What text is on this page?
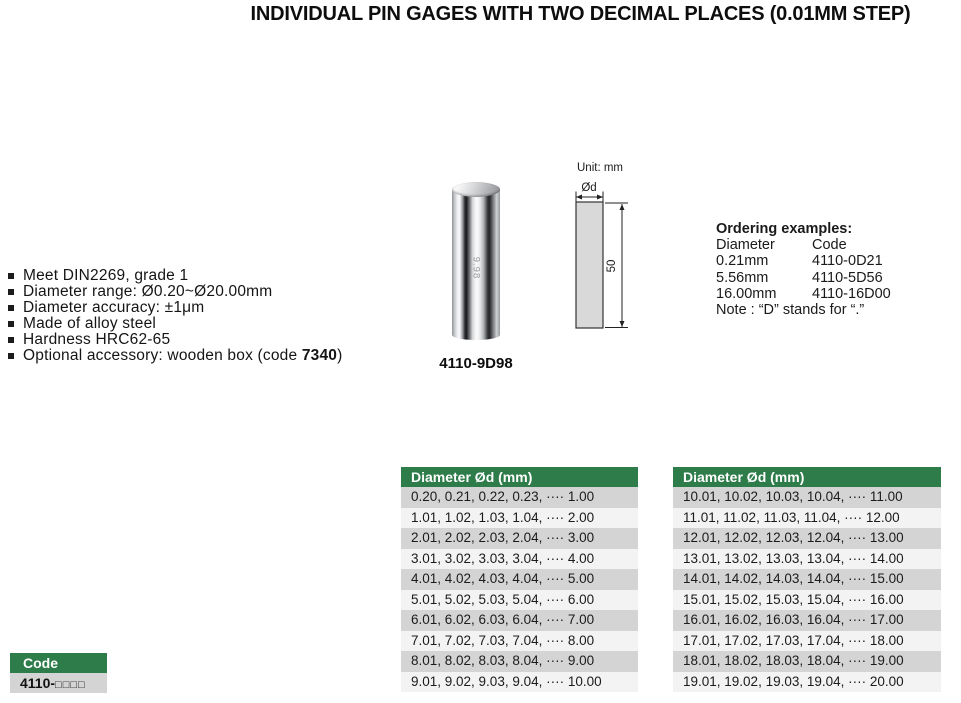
INDIVIDUAL PIN GAGES WITH TWO DECIMAL PLACES (0.01MM STEP)
Meet DIN2269, grade 1
Diameter range: Ø0.20~Ø20.00mm
Diameter accuracy: ±1μm
Made of alloy steel
Hardness HRC62-65
Optional accessory: wooden box (code 7340)
9.98
4110-9D98
Unit: mm
Ød
50
Ordering examples:
Diameter	Code
0.21mm	4110-0D21
5.56mm	4110-5D56
16.00mm	4110-16D00
Note : “D” stands for “.”
Diameter Ød (mm)
0.20, 0.21, 0.22, 0.23, ···· 1.00
1.01, 1.02, 1.03, 1.04, ···· 2.00
2.01, 2.02, 2.03, 2.04, ···· 3.00
3.01, 3.02, 3.03, 3.04, ···· 4.00
4.01, 4.02, 4.03, 4.04, ···· 5.00
5.01, 5.02, 5.03, 5.04, ···· 6.00
6.01, 6.02, 6.03, 6.04, ···· 7.00
7.01, 7.02, 7.03, 7.04, ···· 8.00
8.01, 8.02, 8.03, 8.04, ···· 9.00
9.01, 9.02, 9.03, 9.04, ···· 10.00
Diameter Ød (mm)
10.01, 10.02, 10.03, 10.04, ···· 11.00
11.01, 11.02, 11.03, 11.04, ···· 12.00
12.01, 12.02, 12.03, 12.04, ···· 13.00
13.01, 13.02, 13.03, 13.04, ···· 14.00
14.01, 14.02, 14.03, 14.04, ···· 15.00
15.01, 15.02, 15.03, 15.04, ···· 16.00
16.01, 16.02, 16.03, 16.04, ···· 17.00
17.01, 17.02, 17.03, 17.04, ···· 18.00
18.01, 18.02, 18.03, 18.04, ···· 19.00
19.01, 19.02, 19.03, 19.04, ···· 20.00
Code
4110-□□□□
